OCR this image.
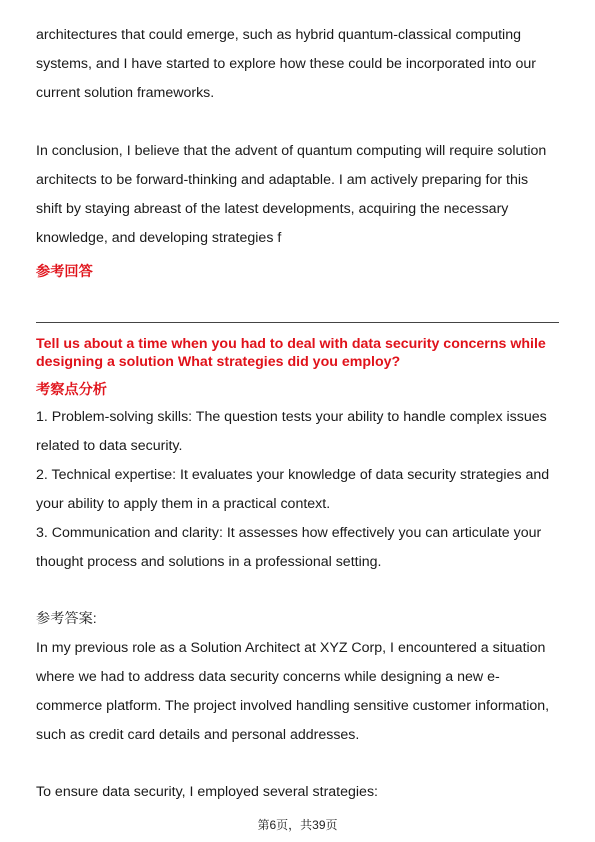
architectures that could emerge, such as hybrid quantum-classical computing
systems, and I have started to explore how these could be incorporated into our
current solution frameworks.
In conclusion, I believe that the advent of quantum computing will require solution
architects to be forward-thinking and adaptable. I am actively preparing for this
shift by staying abreast of the latest developments, acquiring the necessary
knowledge, and developing strategies f
参考回答
Tell us about a time when you had to deal with data security concerns while
designing a solution What strategies did you employ?
考察点分析
1. Problem-solving skills: The question tests your ability to handle complex issues
related to data security.
2. Technical expertise: It evaluates your knowledge of data security strategies and
your ability to apply them in a practical context.
3. Communication and clarity: It assesses how effectively you can articulate your
thought process and solutions in a professional setting.
参考答案:
In my previous role as a Solution Architect at XYZ Corp, I encountered a situation
where we had to address data security concerns while designing a new e-
commerce platform. The project involved handling sensitive customer information,
such as credit card details and personal addresses.
To ensure data security, I employed several strategies:
第6页，共39页
